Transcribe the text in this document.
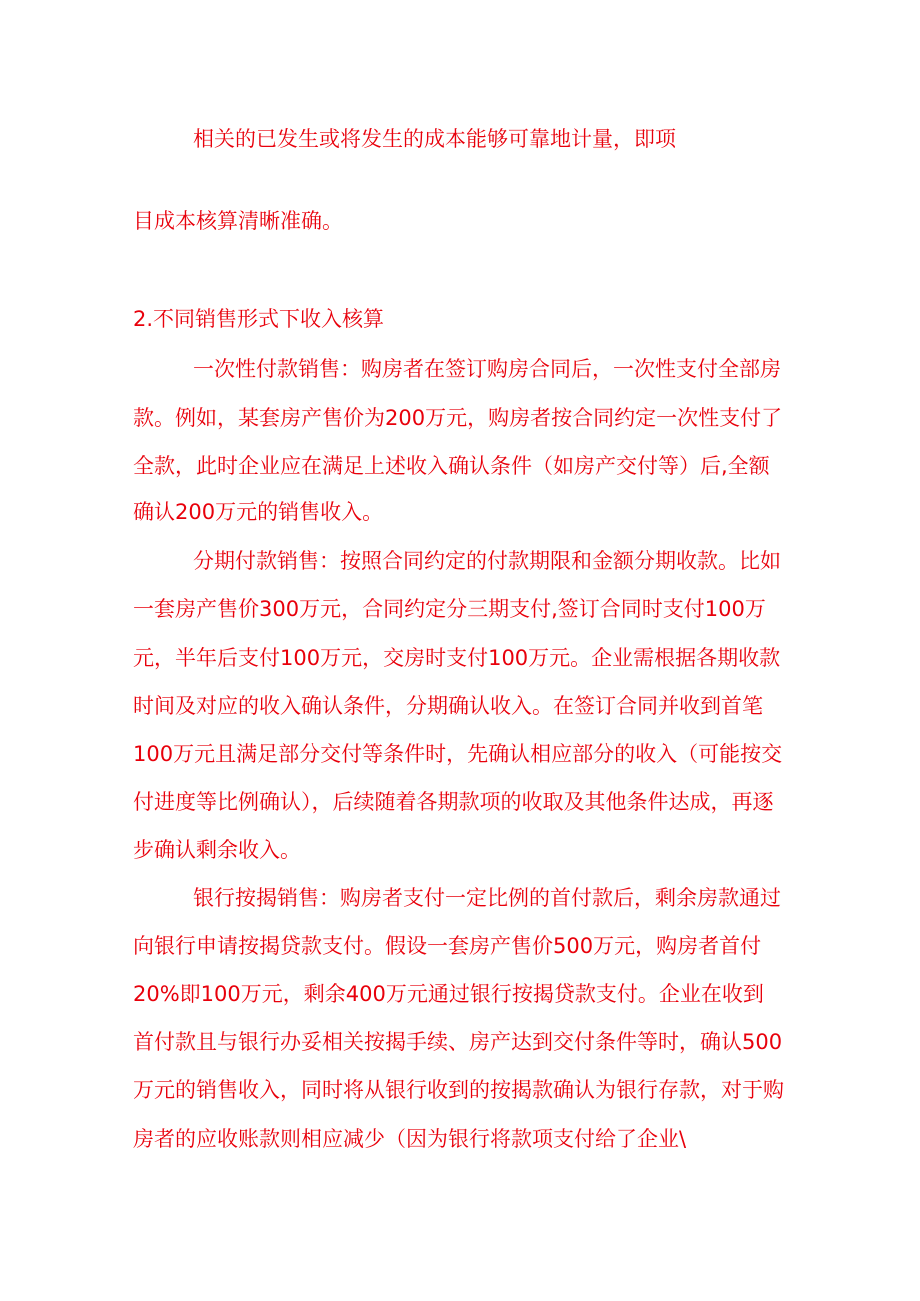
相关的已发生或将发生的成本能够可靠地计量，即项
目成本核算清晰准确。
2.不同销售形式下收入核算
一次性付款销售：购房者在签订购房合同后，一次性支付全部房
款。例如，某套房产售价为200万元，购房者按合同约定一次性支付了
全款，此时企业应在满足上述收入确认条件（如房产交付等）后,全额
确认200万元的销售收入。
分期付款销售：按照合同约定的付款期限和金额分期收款。比如
一套房产售价300万元，合同约定分三期支付,签订合同时支付100万
元，半年后支付100万元，交房时支付100万元。企业需根据各期收款
时间及对应的收入确认条件，分期确认收入。在签订合同并收到首笔
100万元且满足部分交付等条件时，先确认相应部分的收入（可能按交
付进度等比例确认），后续随着各期款项的收取及其他条件达成，再逐
步确认剩余收入。
银行按揭销售：购房者支付一定比例的首付款后，剩余房款通过
向银行申请按揭贷款支付。假设一套房产售价500万元，购房者首付
20%即100万元，剩余400万元通过银行按揭贷款支付。企业在收到
首付款且与银行办妥相关按揭手续、房产达到交付条件等时，确认500
万元的销售收入，同时将从银行收到的按揭款确认为银行存款，对于购
房者的应收账款则相应减少（因为银行将款项支付给了企业\
